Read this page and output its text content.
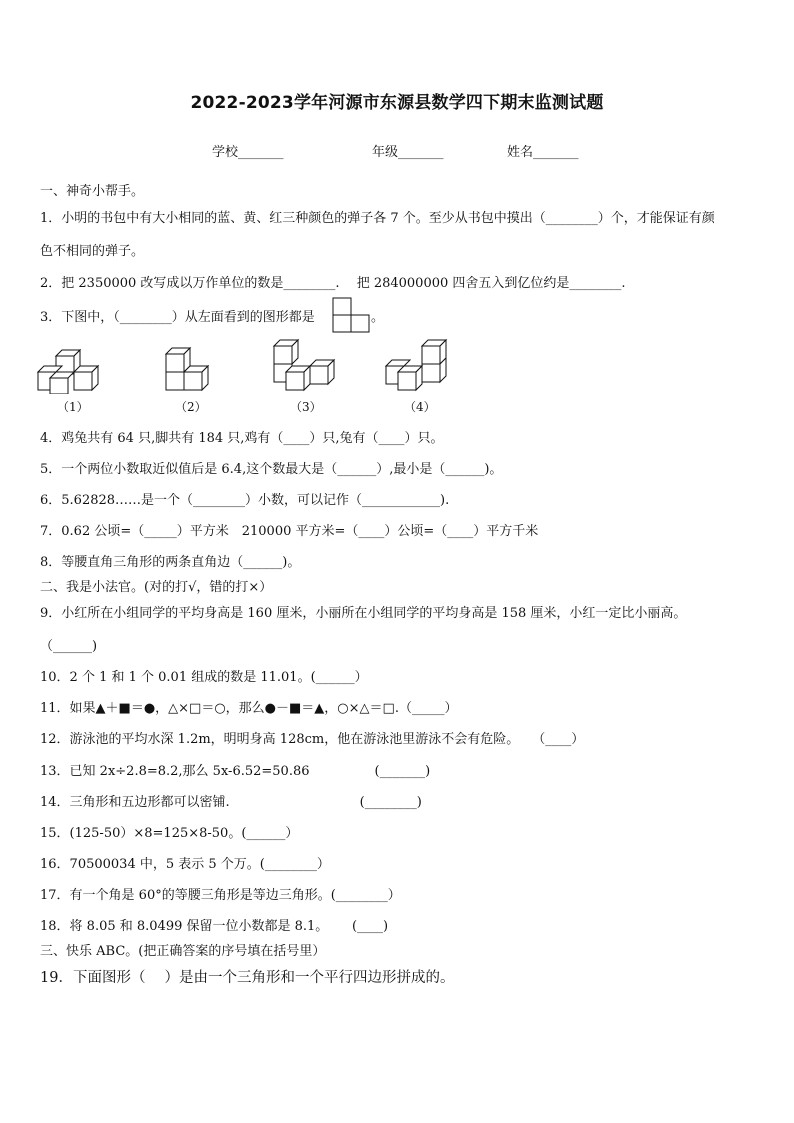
2022-2023学年河源市东源县数学四下期末监测试题
学校_______	年级_______	姓名_______
一、神奇小帮手。
1．小明的书包中有大小相同的蓝、黄、红三种颜色的弹子各 7 个。至少从书包中摸出（________）个，才能保证有颜
色不相同的弹子。
2．把 2350000 改写成以万作单位的数是________.　 把 284000000 四舍五入到亿位约是________.
3．下图中，（________）从左面看到的图形都是	。
（1）	（2）	（3）	（4）
4．鸡兔共有 64 只,脚共有 184 只,鸡有（____）只,兔有（____）只。
5．一个两位小数取近似值后是 6.4,这个数最大是（______）,最小是（______)。
6．5.62828……是一个（________）小数，可以记作（____________).
7．0.62 公顷=（_____）平方米　210000 平方米=（____）公顷=（____）平方千米
8．等腰直角三角形的两条直角边（______)。
二、我是小法官。(对的打√，错的打×）
9．小红所在小组同学的平均身高是 160 厘米，小丽所在小组同学的平均身高是 158 厘米，小红一定比小丽高。
（______)
10．2 个 1 和 1 个 0.01 组成的数是 11.01。(______）
11．如果▲＋■＝●，△×□＝○，那么●－■＝▲，○×△＝□.（_____）
12．游泳池的平均水深 1.2m，明明身高 128cm，他在游泳池里游泳不会有危险。　　（____）
13．已知 2x÷2.8=8.2,那么 5x-6.52=50.86　　　　　(_______)
14．三角形和五边形都可以密铺.　　　　　　　　　　(________)
15．(125-50）×8=125×8-50。(______）
16．70500034 中，5 表示 5 个万。(________）
17．有一个角是 60°的等腰三角形是等边三角形。(________）
18．将 8.05 和 8.0499 保留一位小数都是 8.1。　　 (____)
三、快乐 ABC。(把正确答案的序号填在括号里）
19．下面图形（　 ）是由一个三角形和一个平行四边形拼成的。
